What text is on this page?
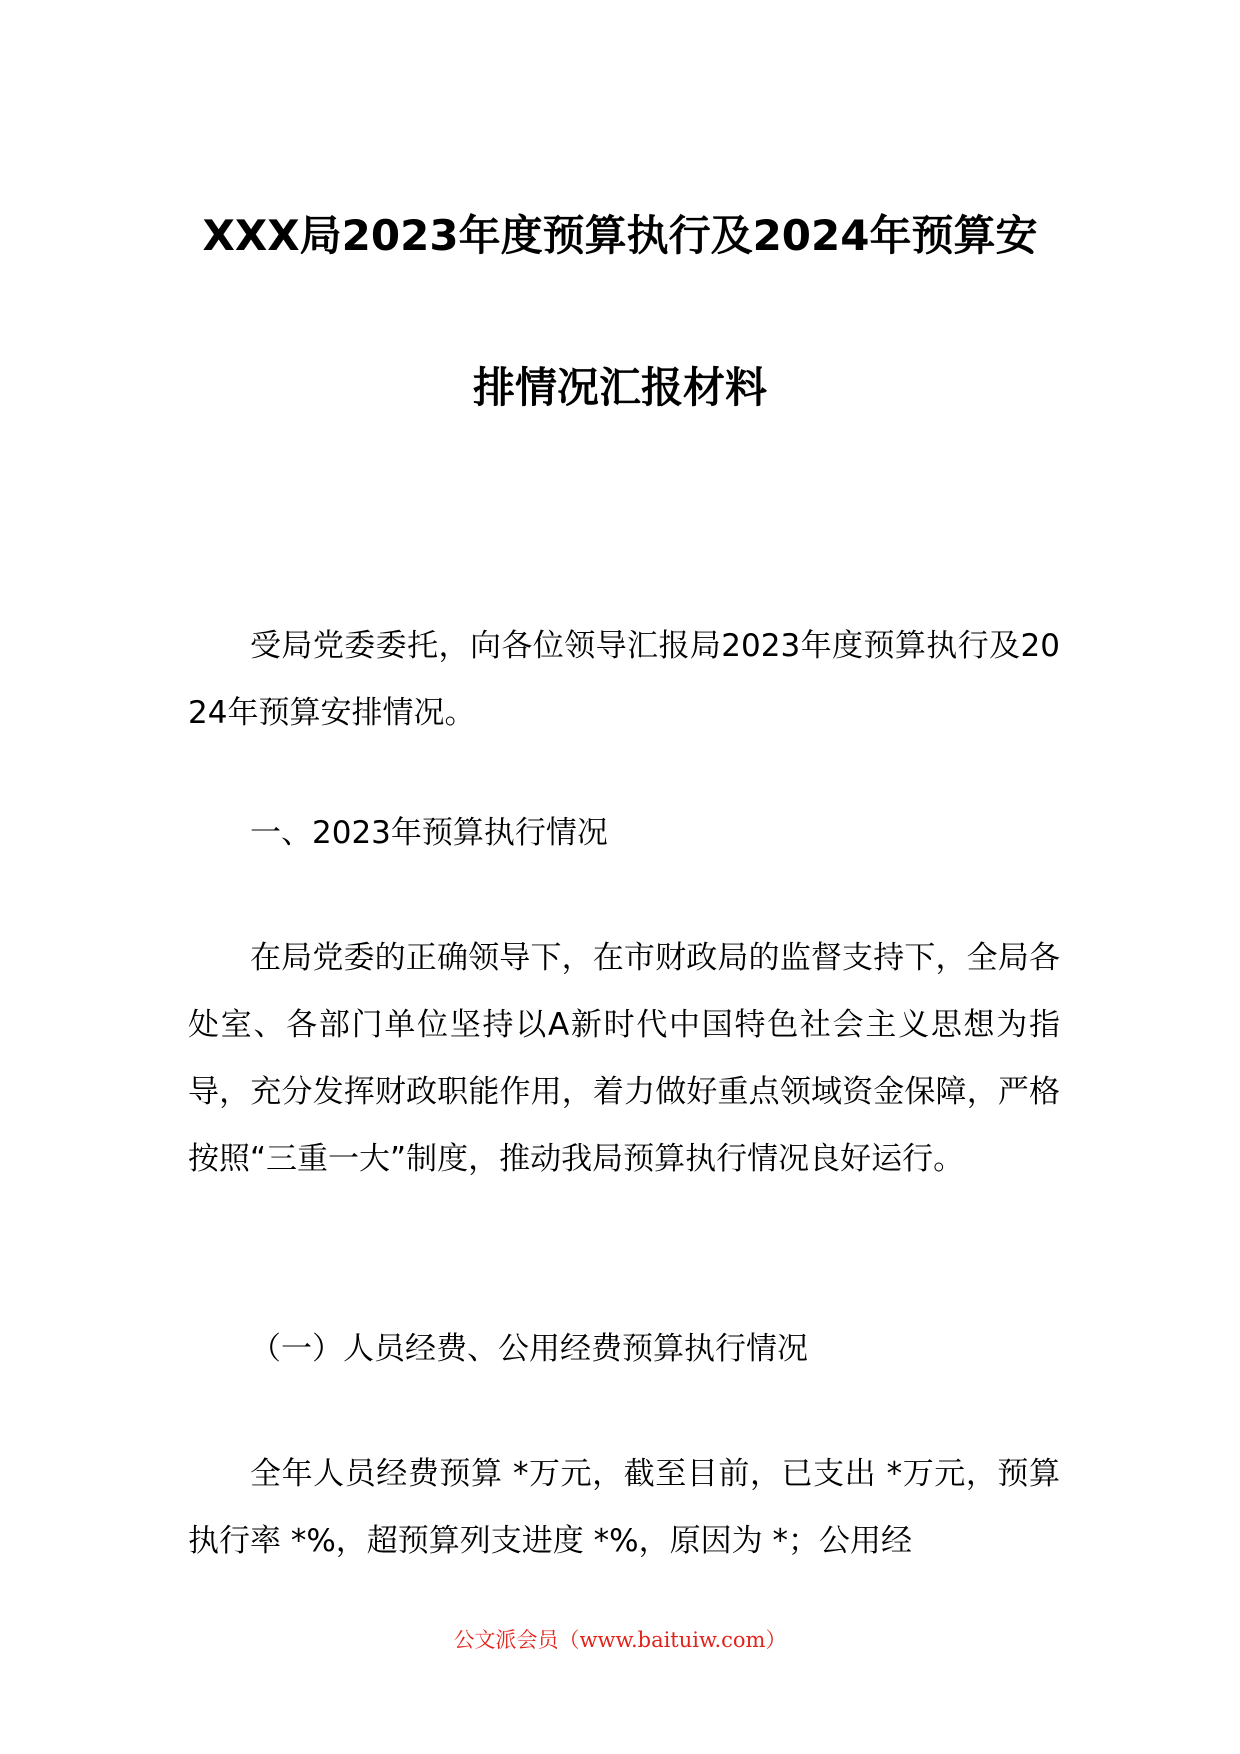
XXX局2023年度预算执行及2024年预算安
排情况汇报材料

受局党委委托，向各位领导汇报局2023年度预算执行及2024年预算安排情况。

一、2023年预算执行情况

在局党委的正确领导下，在市财政局的监督支持下，全局各处室、各部门单位坚持以A新时代中国特色社会主义思想为指导，充分发挥财政职能作用，着力做好重点领域资金保障，严格按照“三重一大”制度，推动我局预算执行情况良好运行。

（一）人员经费、公用经费预算执行情况

全年人员经费预算 *万元，截至目前，已支出 *万元，预算执行率 *%，超预算列支进度 *%，原因为 *；公用经

公文派会员（www.baituiw.com）
